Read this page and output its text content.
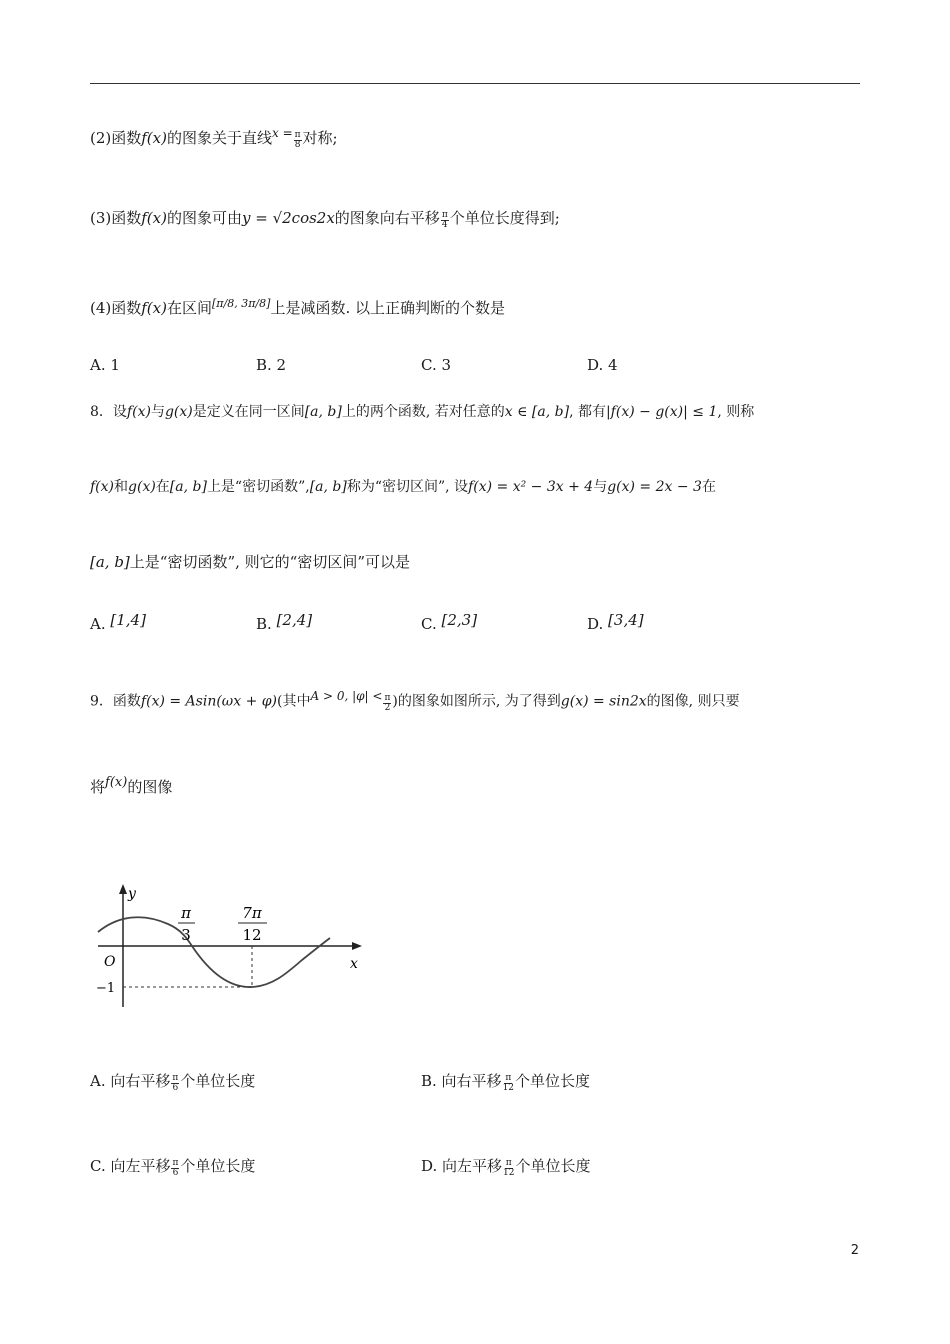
(2)函数f(x)的图象关于直线$^{x =} \frac{\pi}{8}$ 对称;
(3)函数f(x)的图象可由y = √2cos2x的图象向右平移 $\frac{\pi}{4}$ 个单位长度得到;
(4)函数f(x)在区间[π/8, 3π/8]上是减函数. 以上正确判断的个数是
A. 1	B. 2	C. 3	D. 4
8．设f(x)与g(x)是定义在同一区间[a, b]上的两个函数, 若对任意的x ∈ [a, b], 都有|f(x) − g(x)| ≤ 1, 则称
f(x)和g(x)在[a, b]上是“密切函数”,[a, b]称为“密切区间”, 设f(x) = x² − 3x + 4与g(x) = 2x − 3在
[a, b]上是“密切函数”, 则它的“密切区间”可以是
A. [1,4]	B. [2,4]	C. [2,3]	D. [3,4]
9．函数f(x) = Asin(ωx + φ)(其中A > 0, $|\varphi| < \frac{\pi}{2}$ )的图象如图所示, 为了得到g(x) = sin2x的图像, 则只要
将f(x)的图像
y
x
O
−1
π
3
7π
12
A. 向右平移 $\frac{\pi}{6}$ 个单位长度	B. 向右平移 $\frac{\pi}{12}$ 个单位长度
C. 向左平移 $\frac{\pi}{6}$ 个单位长度	D. 向左平移 $\frac{\pi}{12}$ 个单位长度
2
